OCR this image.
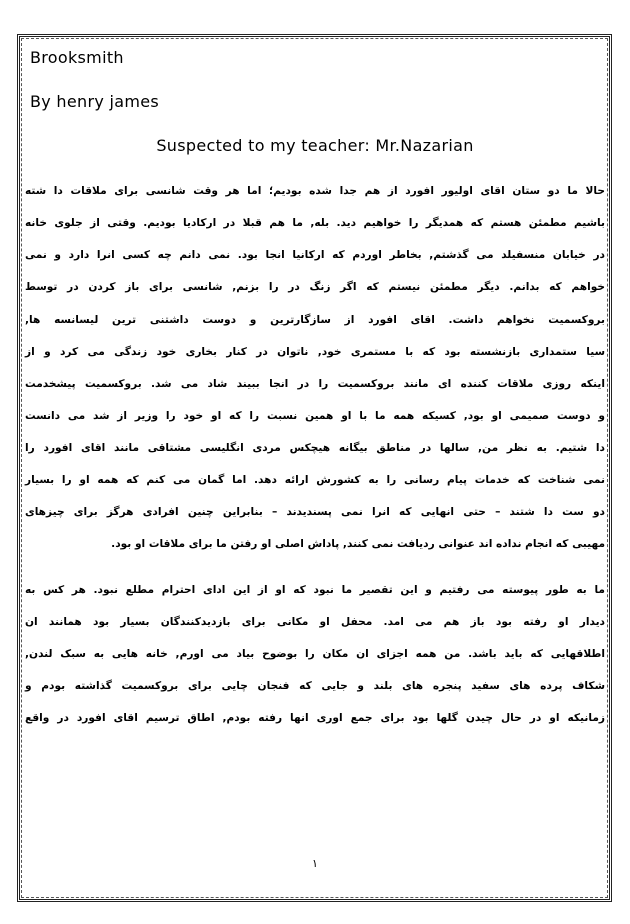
Brooksmith
By henry james
Suspected to my teacher: Mr.Nazarian
حالا ما دو ستان اقای اولیور افورد از هم جدا شده بودیم؛ اما هر وقت شانسی برای ملاقات دا شته
باشیم مطمئن هستم که همدیگر را خواهیم دید. بله, ما هم قبلا در ارکادیا بودیم. وقتی از جلوی خانه
در خیابان منسفیلد می گذشتم, بخاطر اوردم که ارکانیا انجا بود. نمی دانم چه کسی انرا دارد و نمی
خواهم که بدانم. دیگر مطمئن نیستم که اگر زنگ در را بزنم, شانسی برای باز کردن در توسط
بروکسمیت نخواهم داشت. اقای افورد از سازگارترین و دوست داشتنی ترین لیسانسه ها,
سیا ستمداری بازنشسته بود که با مستمری خود, ناتوان در کنار بخاری خود زندگی می کرد و از
اینکه روزی ملاقات کننده ای مانند بروکسمیت را در انجا ببیند شاد می شد. بروکسمیت پیشخدمت
و دوست صمیمی او بود, کسیکه همه ما با او همین نسبت را که او خود را وزیر از شد می دانست
دا شتیم. به نظر من, سالها در مناطق بیگانه هیچکس مردی انگلیسی مشتاقی مانند اقای افورد را
نمی شناخت که خدمات پیام رسانی را به کشورش ارائه دهد. اما گمان می کنم که همه او را بسیار
دو ست دا شتند – حتی انهایی که انرا نمی پسندیدند – بنابراین چنین افرادی هرگز برای چیزهای
مهیبی که انجام نداده اند عنوانی ردیافت نمی کنند, پاداش اصلی او رفتن ما برای ملاقات او بود.
ما به طور پیوسته می رفتیم و این تقصیر ما نبود که او از این ادای احترام مطلع نبود. هر کس به
دیدار او رفته بود باز هم می امد. محفل او مکانی برای بازدیدکنندگان بسیار بود همانند ان
اطلاقهایی که باید باشد. من همه اجزای ان مکان را بوضوح بیاد می اورم, خانه هایی به سبک لندن,
شکاف پرده های سفید پنجره های بلند و جایی که فنجان چایی برای بروکسمیت گذاشته بودم و
زمانیکه او در حال چیدن گلها بود برای جمع اوری انها رفته بودم, اطاق ترسیم اقای افورد در واقع
۱
